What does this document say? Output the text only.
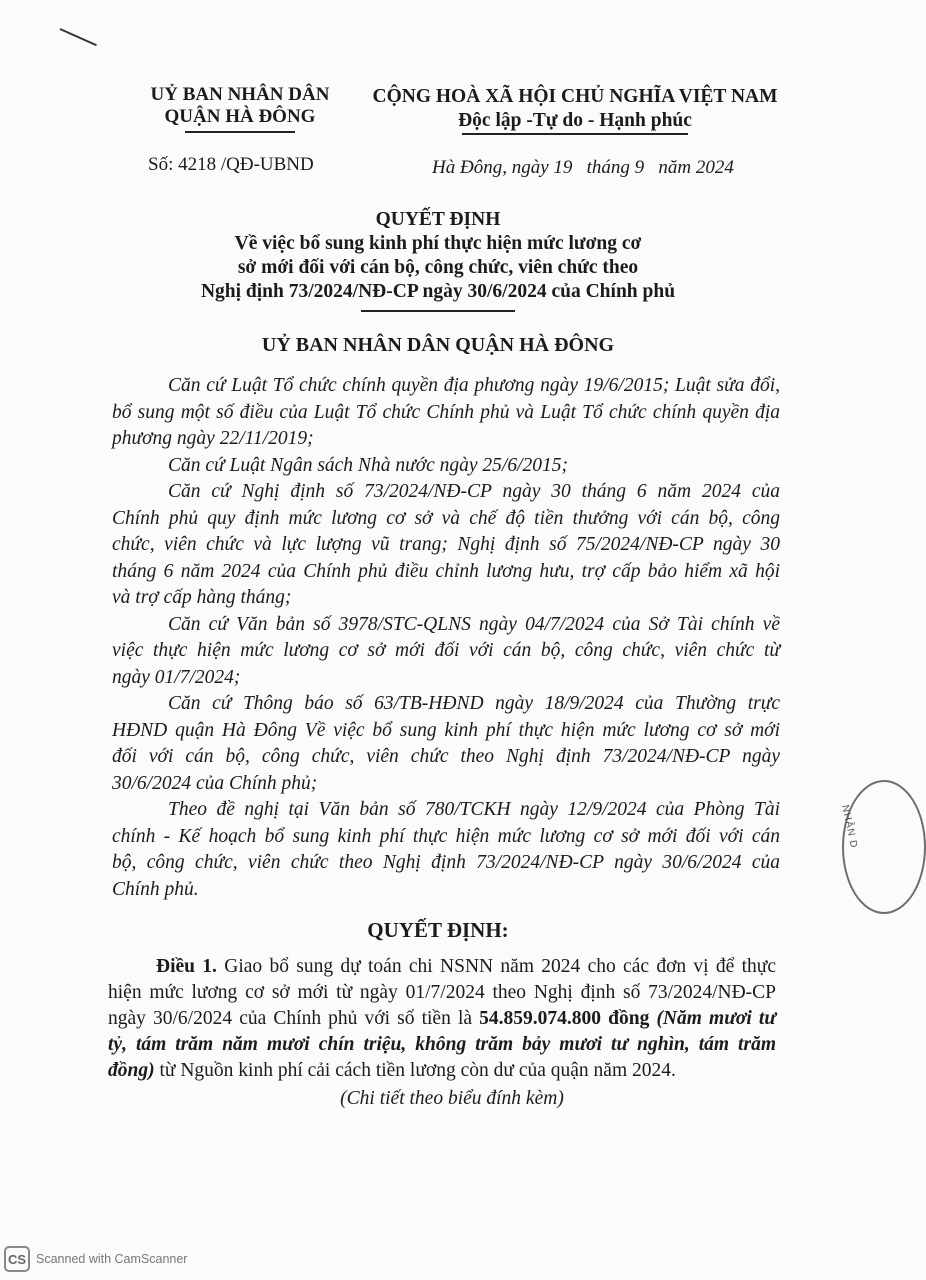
UỶ BAN NHÂN DÂN
QUẬN HÀ ĐÔNG
CỘNG HOÀ XÃ HỘI CHỦ NGHĨA VIỆT NAM
Độc lập -Tự do - Hạnh phúc
Số: 4218 /QĐ-UBND	Hà Đông, ngày 19   tháng 9   năm 2024
QUYẾT ĐỊNH
Về việc bổ sung kinh phí thực hiện mức lương cơ
sở mới đối với cán bộ, công chức, viên chức theo
Nghị định 73/2024/NĐ-CP ngày 30/6/2024 của Chính phủ
UỶ BAN NHÂN DÂN QUẬN HÀ ĐÔNG

Căn cứ Luật Tổ chức chính quyền địa phương ngày 19/6/2015; Luật sửa đổi,

bổ sung một số điều của Luật Tổ chức Chính phủ và Luật Tổ chức chính quyền địa

phương ngày 22/11/2019;

Căn cứ Luật Ngân sách Nhà nước ngày 25/6/2015;

Căn cứ Nghị định số 73/2024/NĐ-CP ngày 30 tháng 6 năm 2024 của

Chính phủ quy định mức lương cơ sở và chế độ tiền thưởng với cán bộ, công

chức, viên chức và lực lượng vũ trang; Nghị định số 75/2024/NĐ-CP ngày 30

tháng 6 năm 2024 của Chính phủ điều chỉnh lương hưu, trợ cấp bảo hiểm xã hội

và trợ cấp hàng tháng;

Căn cứ Văn bản số 3978/STC-QLNS ngày 04/7/2024 của Sở Tài chính về

việc thực hiện mức lương cơ sở mới đối với cán bộ, công chức, viên chức từ

ngày 01/7/2024;

Căn cứ Thông báo số 63/TB-HĐND ngày 18/9/2024 của Thường trực

HĐND quận Hà Đông Về việc bổ sung kinh phí thực hiện mức lương cơ sở mới

đối với cán bộ, công chức, viên chức theo Nghị định 73/2024/NĐ-CP ngày

30/6/2024 của Chính phủ;

Theo đề nghị tại Văn bản số 780/TCKH ngày 12/9/2024 của Phòng Tài

chính - Kế hoạch bổ sung kinh phí thực hiện mức lương cơ sở mới đối với cán

bộ, công chức, viên chức theo Nghị định 73/2024/NĐ-CP ngày 30/6/2024 của

Chính phủ.

QUYẾT ĐỊNH:
Điều 1. Giao bổ sung dự toán chi NSNN năm 2024 cho các đơn vị để thực
hiện mức lương cơ sở mới từ ngày 01/7/2024 theo Nghị định số 73/2024/NĐ-CP
ngày 30/6/2024 của Chính phủ với số tiền là 54.859.074.800 đồng (Năm mươi tư
tỷ, tám trăm năm mươi chín triệu, không trăm bảy mươi tư nghìn, tám trăm
đồng) từ Nguồn kinh phí cải cách tiền lương còn dư của quận năm 2024.
(Chi tiết theo biểu đính kèm)
NHÂN D
CS Scanned with CamScanner
